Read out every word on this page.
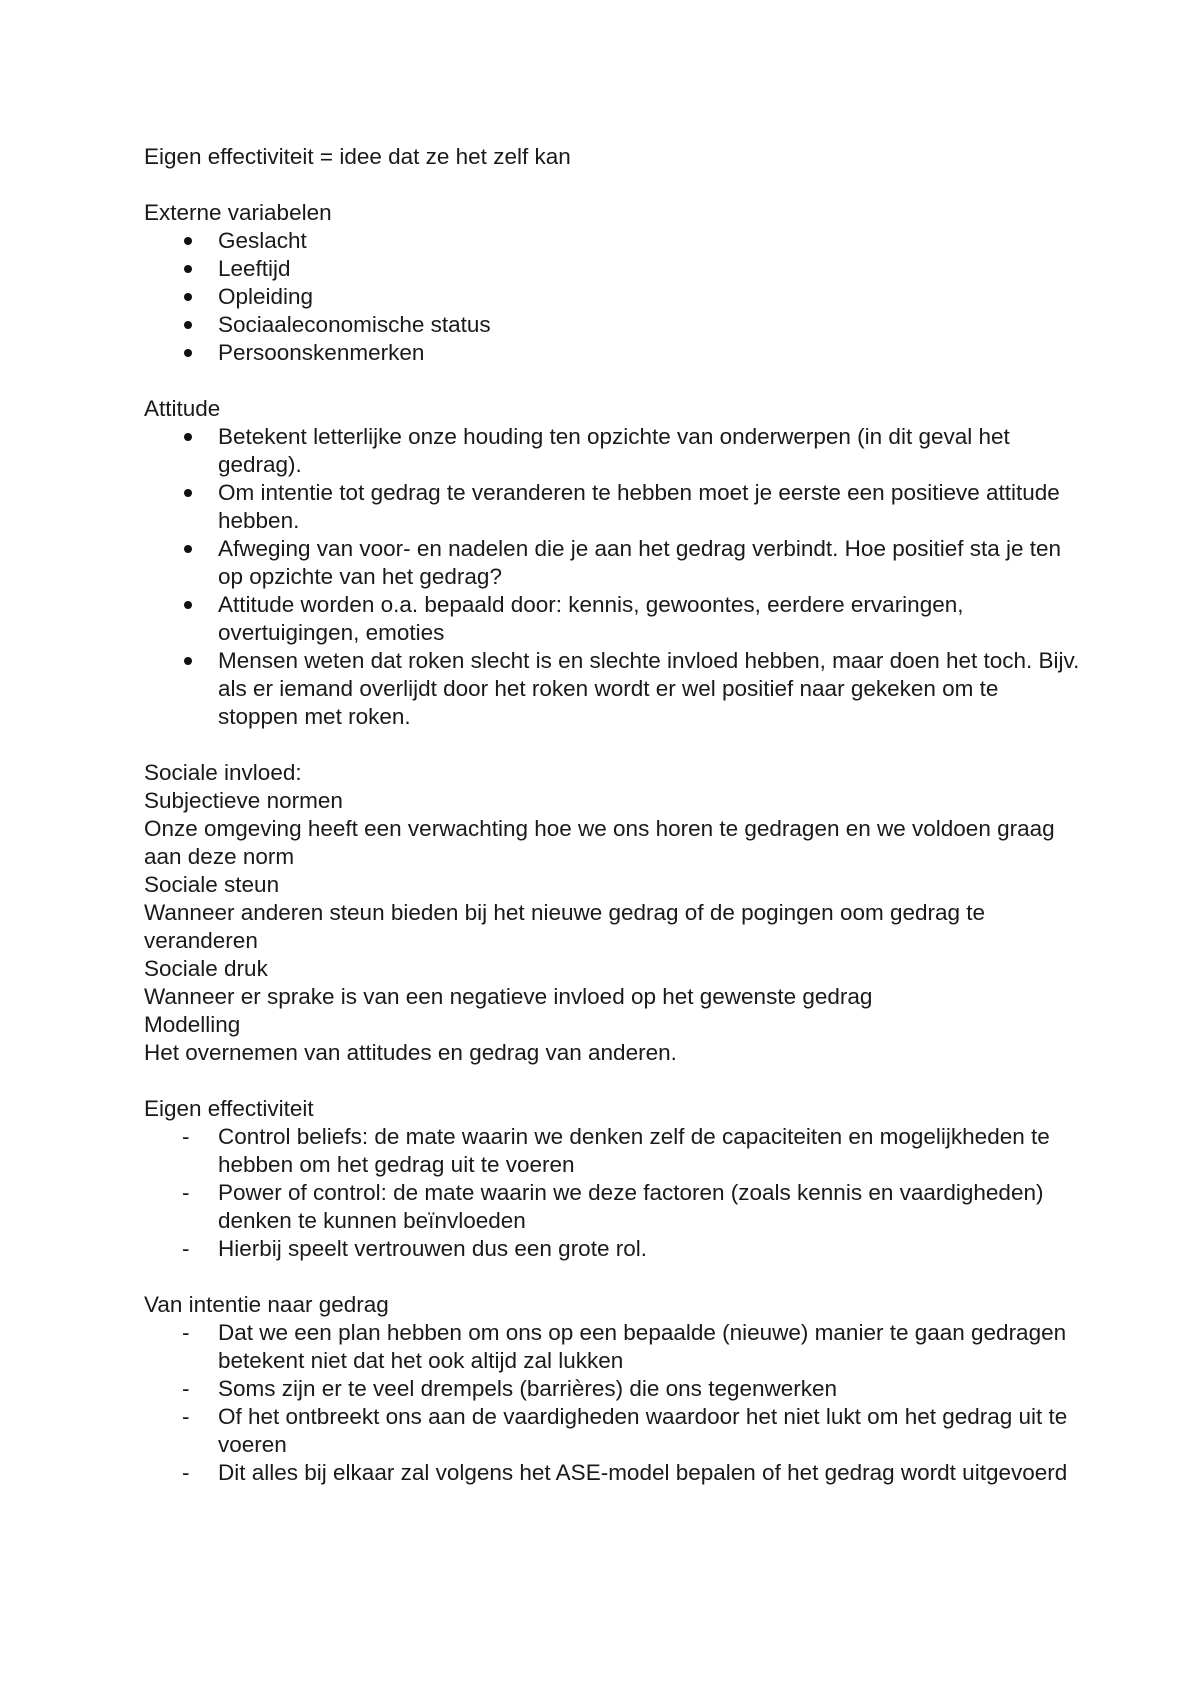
Eigen effectiviteit = idee dat ze het zelf kan

Externe variabelen

Geslacht
Leeftijd
Opleiding
Sociaaleconomische status
Persoonskenmerken

Attitude

Betekent letterlijke onze houding ten opzichte van onderwerpen (in dit geval het gedrag).
Om intentie tot gedrag te veranderen te hebben moet je eerste een positieve attitude hebben.
Afweging van voor- en nadelen die je aan het gedrag verbindt. Hoe positief sta je ten op opzichte van het gedrag?
Attitude worden o.a. bepaald door: kennis, gewoontes, eerdere ervaringen, overtuigingen, emoties
Mensen weten dat roken slecht is en slechte invloed hebben, maar doen het toch. Bijv. als er iemand overlijdt door het roken wordt er wel positief naar gekeken om te stoppen met roken.

Sociale invloed:

Subjectieve normen

Onze omgeving heeft een verwachting hoe we ons horen te gedragen en we voldoen graag aan deze norm

Sociale steun

Wanneer anderen steun bieden bij het nieuwe gedrag of de pogingen oom gedrag te veranderen

Sociale druk

Wanneer er sprake is van een negatieve invloed op het gewenste gedrag

Modelling

Het overnemen van attitudes en gedrag van anderen.

Eigen effectiviteit

Control beliefs: de mate waarin we denken zelf de capaciteiten en mogelijkheden te hebben om het gedrag uit te voeren
Power of control: de mate waarin we deze factoren (zoals kennis en vaardigheden) denken te kunnen beïnvloeden
Hierbij speelt vertrouwen dus een grote rol.

Van intentie naar gedrag

Dat we een plan hebben om ons op een bepaalde (nieuwe) manier te gaan gedragen betekent niet dat het ook altijd zal lukken
Soms zijn er te veel drempels (barrières) die ons tegenwerken
Of het ontbreekt ons aan de vaardigheden waardoor het niet lukt om het gedrag uit te voeren
Dit alles bij elkaar zal volgens het ASE-model bepalen of het gedrag wordt uitgevoerd
